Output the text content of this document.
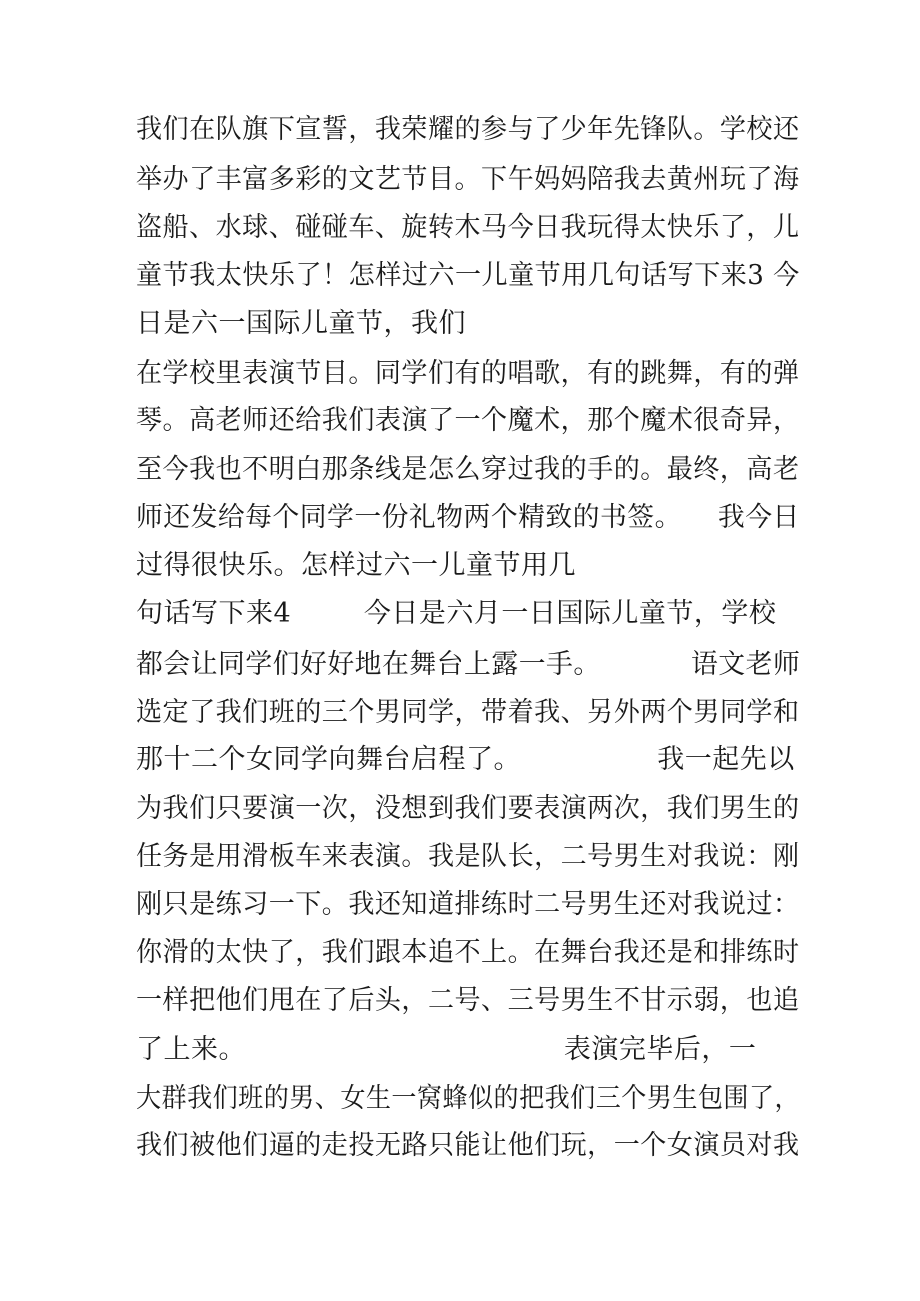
我们在队旗下宣誓，我荣耀的参与了少年先锋队。学校还
举办了丰富多彩的文艺节目。下午妈妈陪我去黄州玩了海
盗船、水球、碰碰车、旋转木马今日我玩得太快乐了，儿
童节我太快乐了！怎样过六一儿童节用几句话写下来3 今
日是六一国际儿童节，我们
在学校里表演节目。同学们有的唱歌，有的跳舞，有的弹
琴。高老师还给我们表演了一个魔术，那个魔术很奇异，
至今我也不明白那条线是怎么穿过我的手的。最终，高老
师还发给每个同学一份礼物两个精致的书签。    我今日
过得很快乐。怎样过六一儿童节用几
句话写下来4        今日是六月一日国际儿童节，学校
都会让同学们好好地在舞台上露一手。          语文老师
选定了我们班的三个男同学，带着我、另外两个男同学和
那十二个女同学向舞台启程了。               我一起先以
为我们只要演一次，没想到我们要表演两次，我们男生的
任务是用滑板车来表演。我是队长，二号男生对我说：刚
刚只是练习一下。我还知道排练时二号男生还对我说过：
你滑的太快了，我们跟本追不上。在舞台我还是和排练时
一样把他们甩在了后头，二号、三号男生不甘示弱，也追
了上来。                                   表演完毕后，一
大群我们班的男、女生一窝蜂似的把我们三个男生包围了，
我们被他们逼的走投无路只能让他们玩，一个女演员对我
